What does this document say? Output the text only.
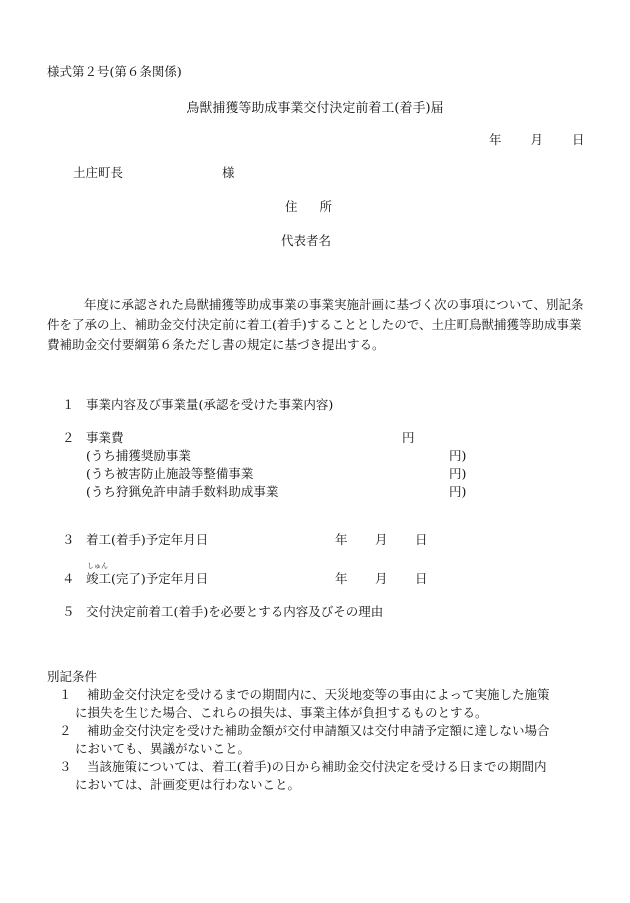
様式第２号(第６条関係)
鳥獣捕獲等助成事業交付決定前着工(着手)届
年 月 日
土庄町長	様
住 所
代表者名
年度に承認された鳥獣捕獲等助成事業の事業実施計画に基づく次の事項について、別記条件を了承の上、補助金交付決定前に着工(着手)することとしたので、土庄町鳥獣捕獲等助成事業費補助金交付要綱第６条ただし書の規定に基づき提出する。
１ 事業内容及び事業量(承認を受けた事業内容)
２ 事業費	円
(うち捕獲奨励事業	円)
(うち被害防止施設等整備事業	円)
(うち狩猟免許申請手数料助成事業	円)
３ 着工(着手)予定年月日	年 月 日
４
しゅん
竣工(完了)予定年月日	年 月 日
５ 交付決定前着工(着手)を必要とする内容及びその理由
別記条件
１ 補助金交付決定を受けるまでの期間内に、天災地変等の事由によって実施した施策
に損失を生じた場合、これらの損失は、事業主体が負担するものとする。
２ 補助金交付決定を受けた補助金額が交付申請額又は交付申請予定額に達しない場合
においても、異議がないこと。
３ 当該施策については、着工(着手)の日から補助金交付決定を受ける日までの期間内
においては、計画変更は行わないこと。
